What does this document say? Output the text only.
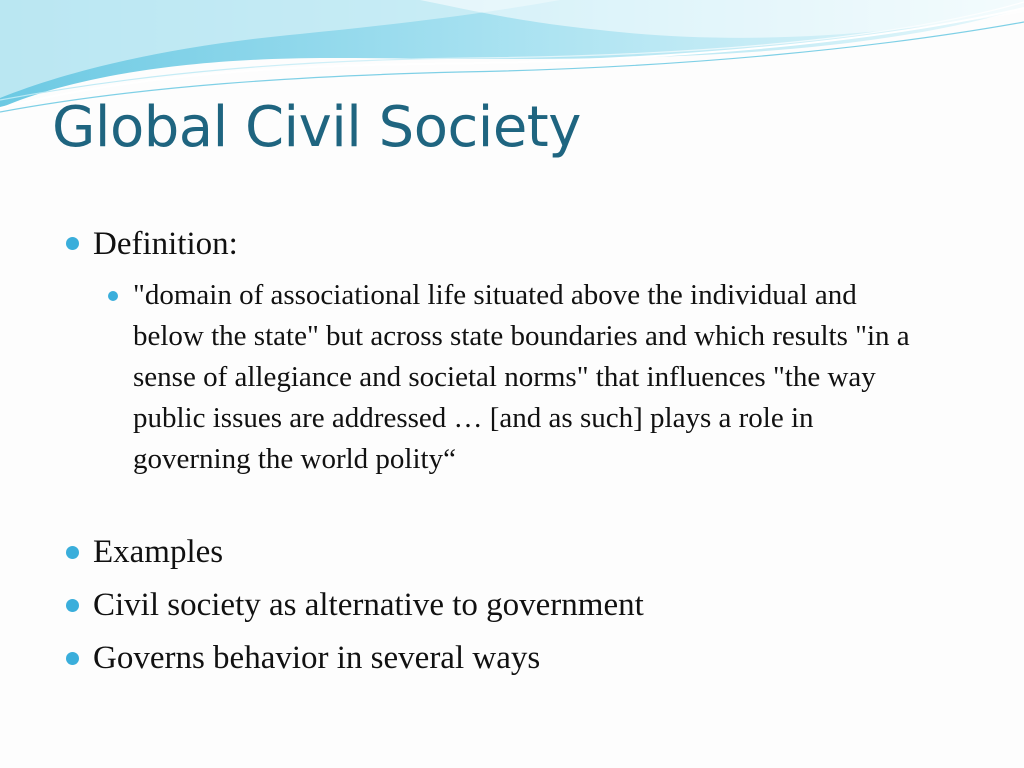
Global Civil Society
Definition:
"domain of associational life situated above the individual and below the state" but across state boundaries and which results "in a sense of allegiance and societal norms" that influences "the way public issues are addressed … [and as such] plays a role in governing the world polity“
Examples
Civil society as alternative to government
Governs behavior in several ways
